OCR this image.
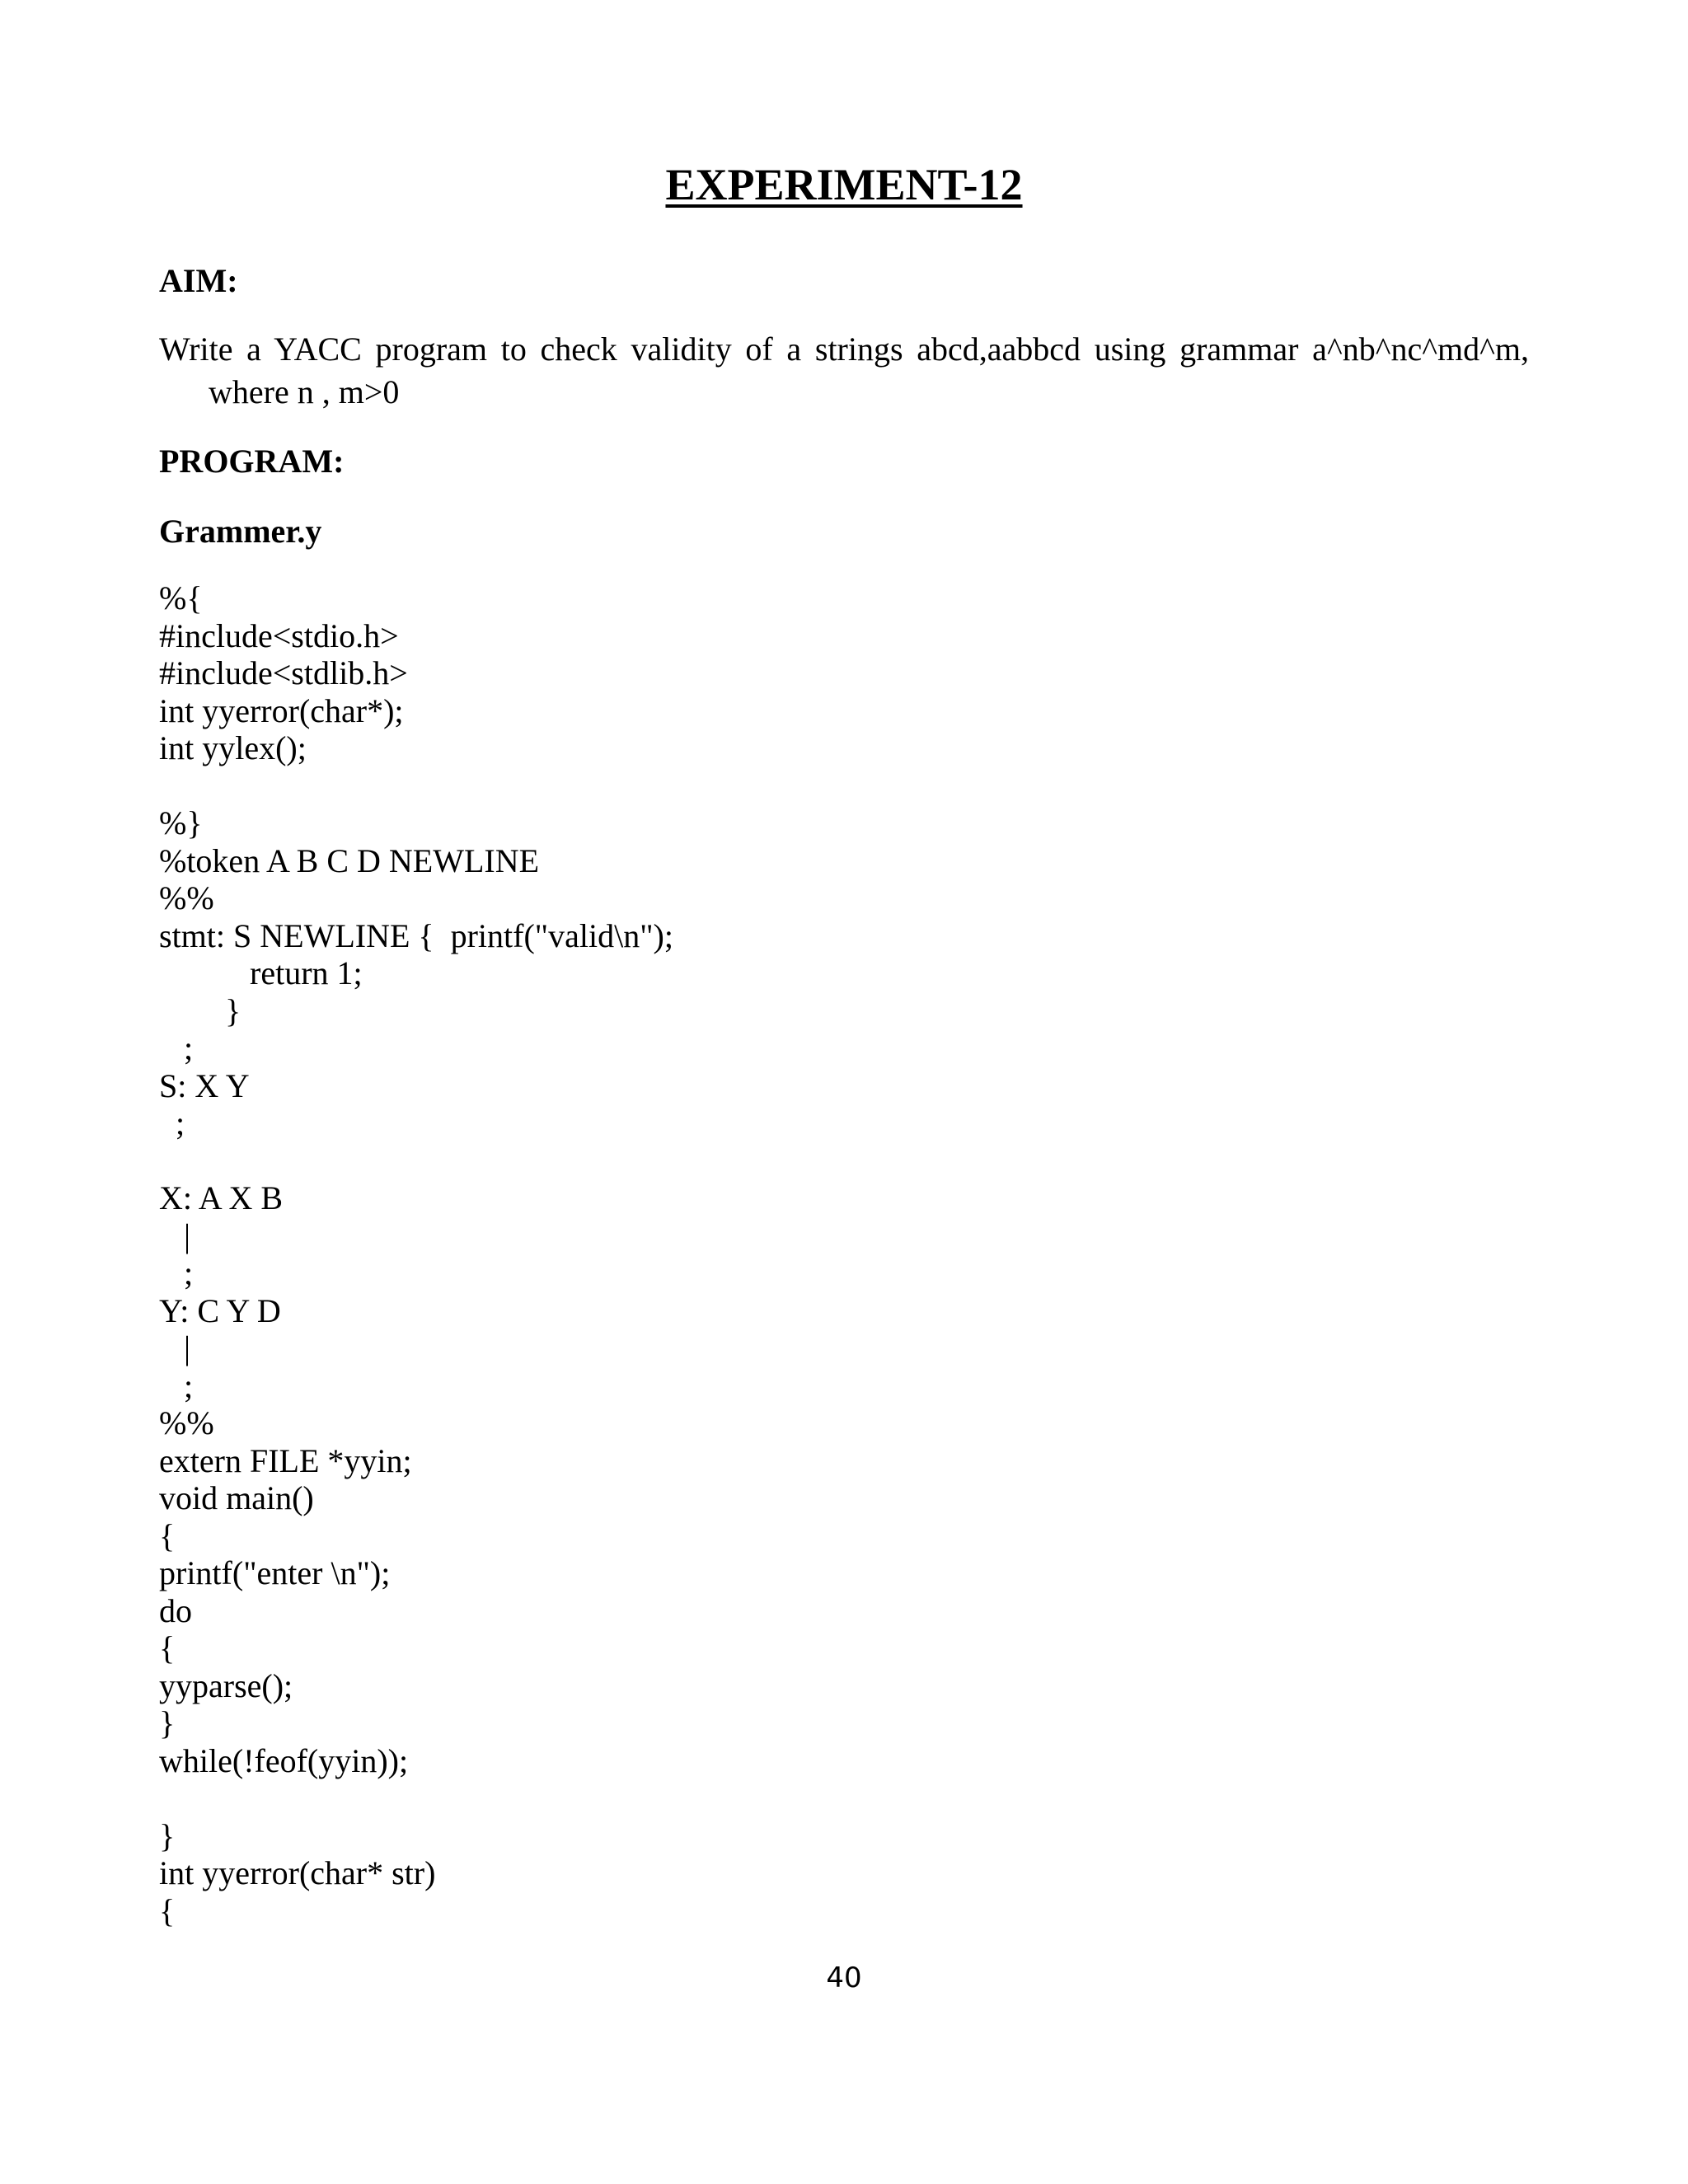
EXPERIMENT-12
AIM:
Write a YACC program to check validity of a strings abcd,aabbcd using grammar a^nb^nc^md^m,
where n , m>0
PROGRAM:
Grammer.y
%{
#include<stdio.h>
#include<stdlib.h>
int yyerror(char*);
int yylex();
%}
%token A B C D NEWLINE
%%
stmt: S NEWLINE {  printf("valid\n");
return 1;
}
;
S: X Y
;
X: A X B
|
;
Y: C Y D
|
;
%%
extern FILE *yyin;
void main()
{
printf("enter \n");
do
{
yyparse();
}
while(!feof(yyin));
}
int yyerror(char* str)
{
40
